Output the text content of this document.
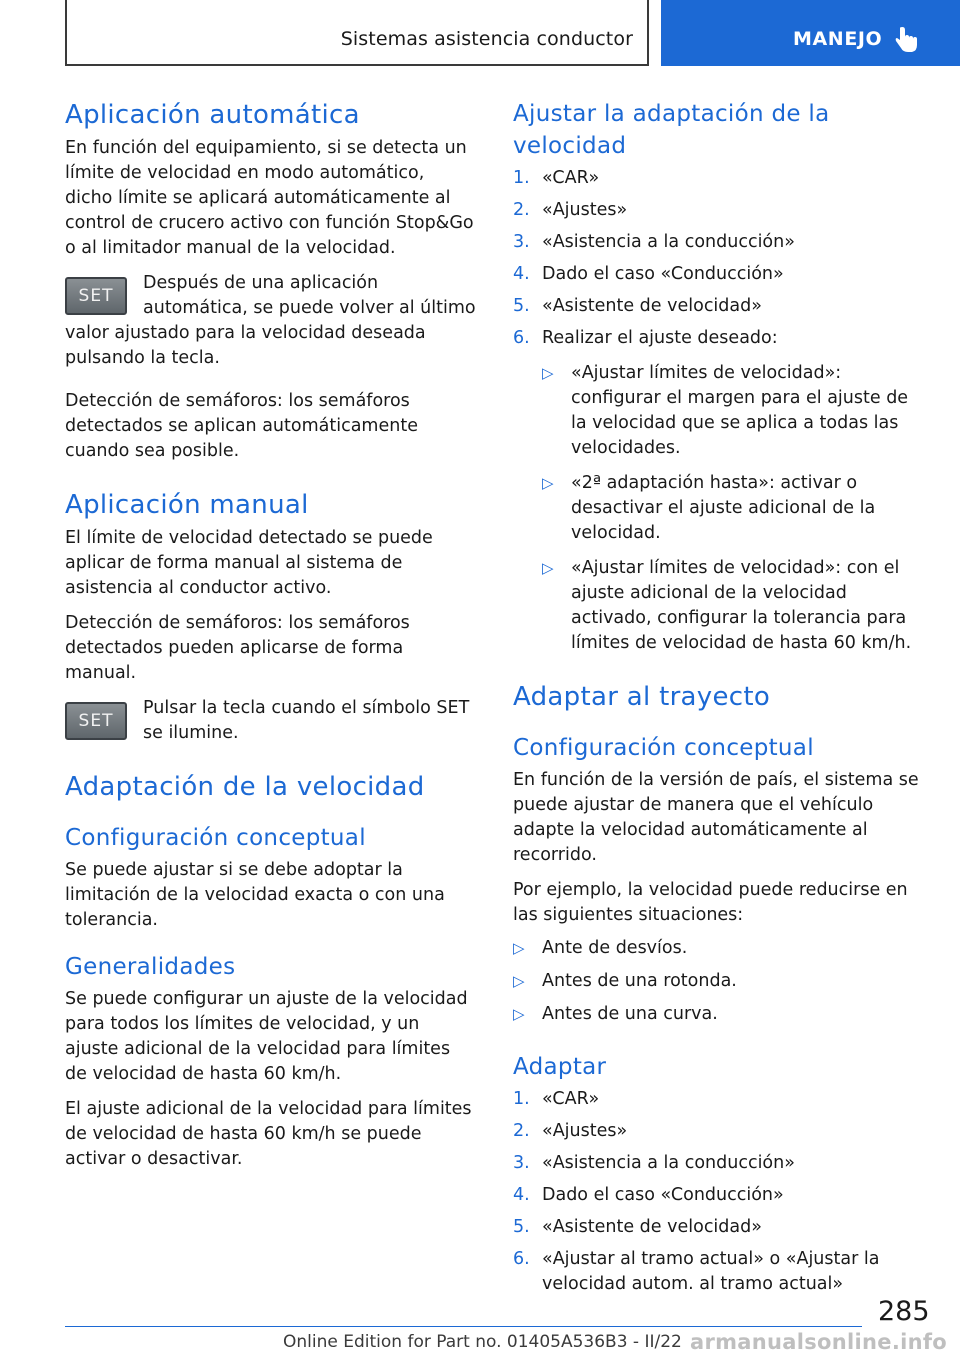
Sistemas asistencia conductor	MANEJO
Aplicación automática

En función del equipamiento, si se detecta un límite de velocidad en modo automático, dicho límite se aplicará automáticamente al control de crucero activo con función Stop&Go o al limitador manual de la velocidad.

SET

Después de una aplicación automática, se puede volver al último valor ajustado para la velocidad deseada pulsando la tecla.

Detección de semáforos: los semáforos detectados se aplican automáticamente cuando sea posible.

Aplicación manual

El límite de velocidad detectado se puede aplicar de forma manual al sistema de asistencia al conductor activo.

Detección de semáforos: los semáforos detectados pueden aplicarse de forma manual.

SET

Pulsar la tecla cuando el símbolo SET se ilumine.

Adaptación de la velocidad
Configuración conceptual

Se puede ajustar si se debe adoptar la limitación de la velocidad exacta o con una tolerancia.

Generalidades

Se puede configurar un ajuste de la velocidad para todos los límites de velocidad, y un ajuste adicional de la velocidad para límites de velocidad de hasta 60 km/h.

El ajuste adicional de la velocidad para límites de velocidad de hasta 60 km/h se puede activar o desactivar.

Ajustar la adaptación de la velocidad
1. «CAR»
2. «Ajustes»
3. «Asistencia a la conducción»
4. Dado el caso «Conducción»
5. «Asistente de velocidad»
6. Realizar el ajuste deseado:
▷ «Ajustar límites de velocidad»: configurar el margen para el ajuste de la velocidad que se aplica a todas las velocidades.
▷ «2ª adaptación hasta»: activar o desactivar el ajuste adicional de la velocidad.
▷ «Ajustar límites de velocidad»: con el ajuste adicional de la velocidad activado, configurar la tolerancia para límites de velocidad de hasta 60 km/h.
Adaptar al trayecto
Configuración conceptual

En función de la versión de país, el sistema se puede ajustar de manera que el vehículo adapte la velocidad automáticamente al recorrido.

Por ejemplo, la velocidad puede reducirse en las siguientes situaciones:

▷ Ante de desvíos.
▷ Antes de una rotonda.
▷ Antes de una curva.
Adaptar
1. «CAR»
2. «Ajustes»
3. «Asistencia a la conducción»
4. Dado el caso «Conducción»
5. «Asistente de velocidad»
6. «Ajustar al tramo actual» o «Ajustar la velocidad autom. al tramo actual»
285
Online Edition for Part no. 01405A536B3 - II/22 armanualsonline.info
